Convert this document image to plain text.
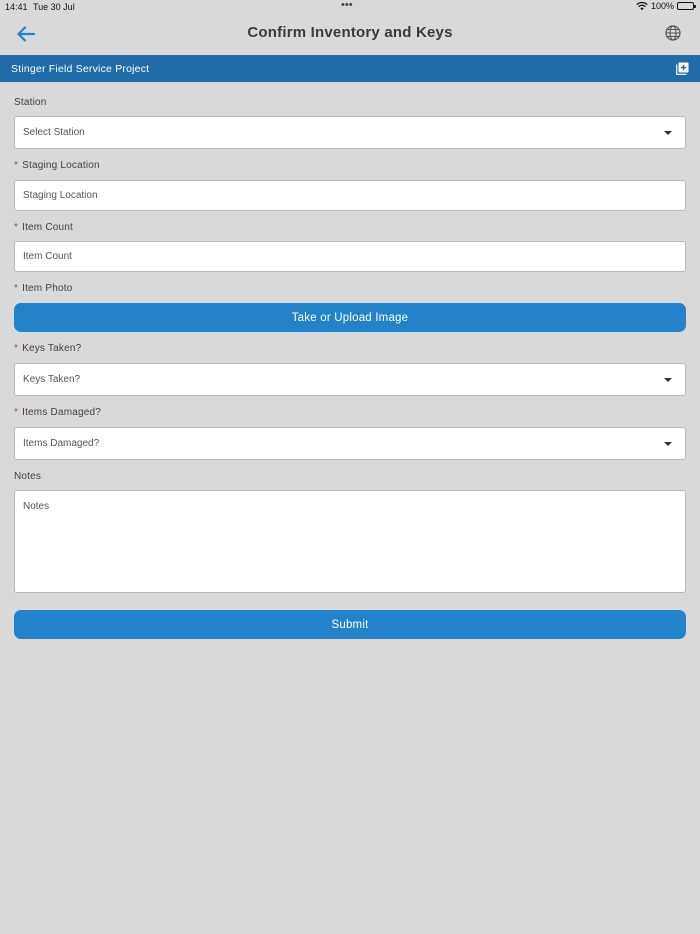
14:41 Tue 30 Jul	•••	100%
Confirm Inventory and Keys
Stinger Field Service Project
Station
Select Station
* Staging Location
Staging Location
* Item Count
Item Count
* Item Photo
Take or Upload Image
* Keys Taken?
Keys Taken?
* Items Damaged?
Items Damaged?
Notes
Notes
Submit
